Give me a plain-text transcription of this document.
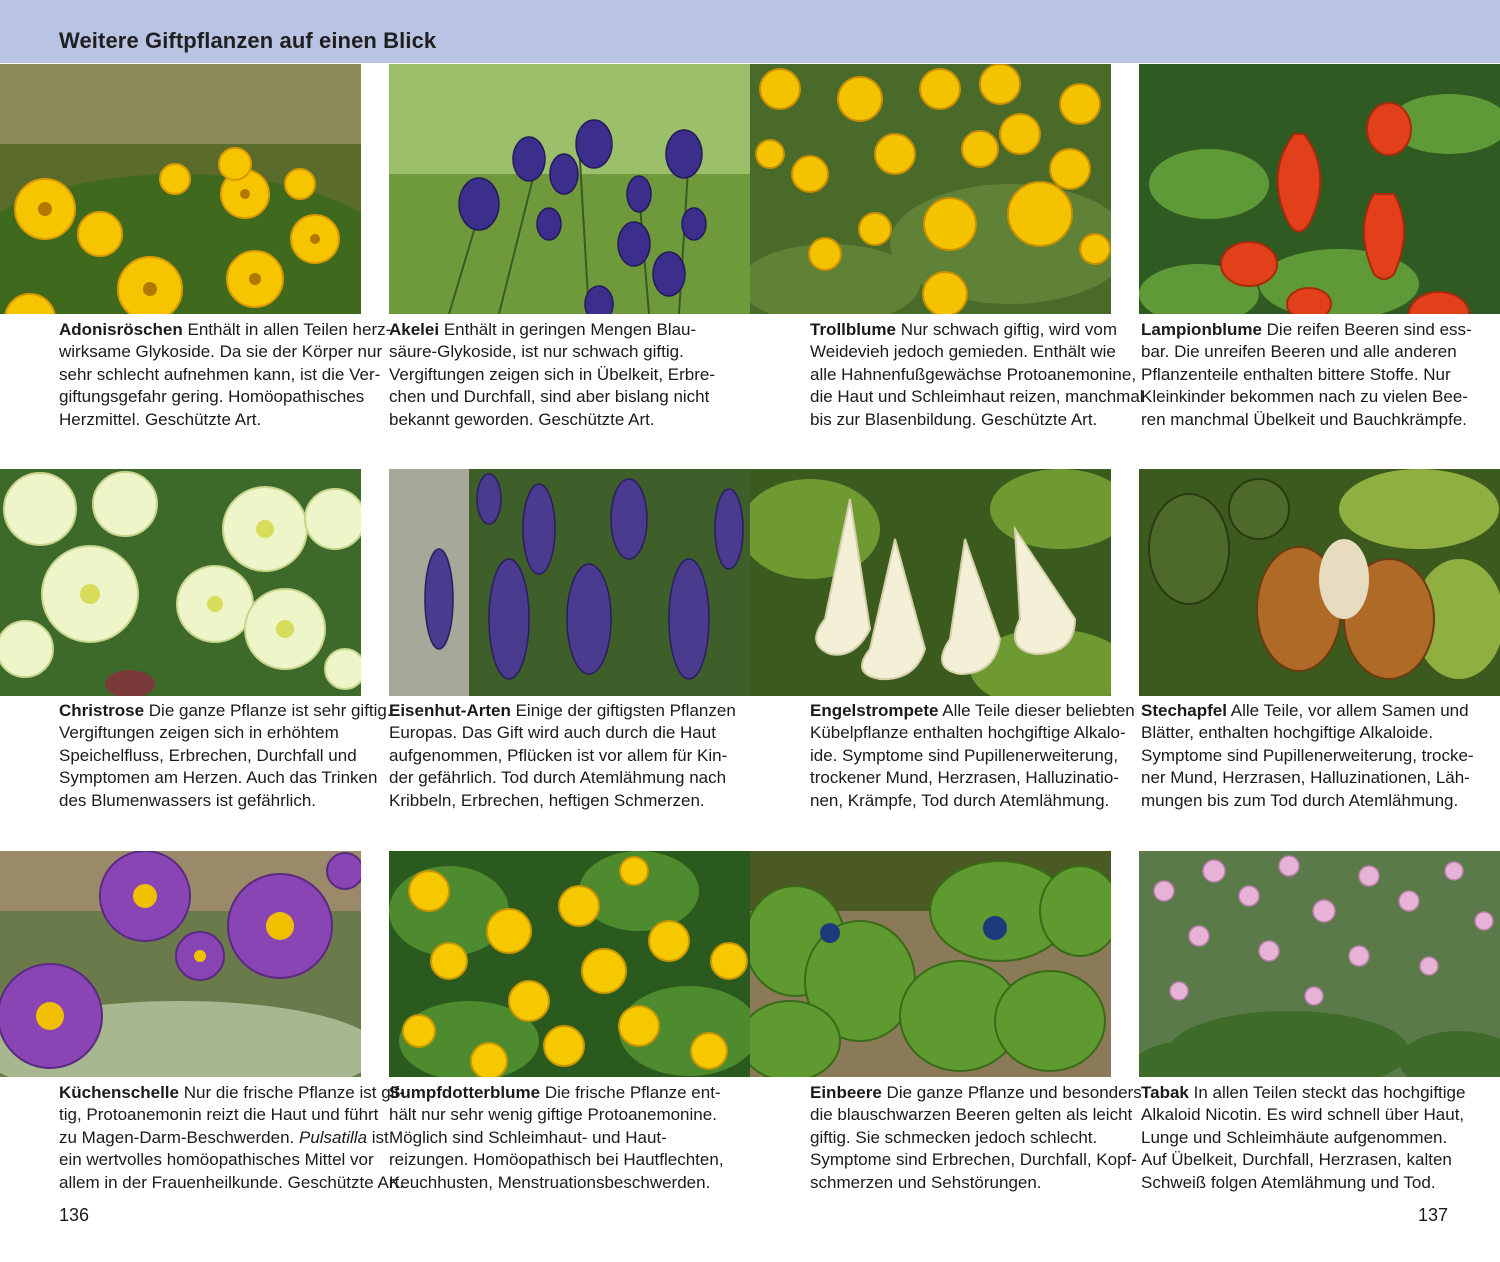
Weitere Giftpflanzen auf einen Blick
Adonisröschen Enthält in allen Teilen herz-
wirksame Glykoside. Da sie der Körper nur
sehr schlecht aufnehmen kann, ist die Ver-
giftungsgefahr gering. Homöopathisches
Herzmittel. Geschützte Art.
Akelei Enthält in geringen Mengen Blau-
säure-Glykoside, ist nur schwach giftig.
Vergiftungen zeigen sich in Übelkeit, Erbre-
chen und Durchfall, sind aber bislang nicht
bekannt geworden. Geschützte Art.
Trollblume Nur schwach giftig, wird vom
Weidevieh jedoch gemieden. Enthält wie
alle Hahnenfußgewächse Protoanemonine,
die Haut und Schleimhaut reizen, manchmal
bis zur Blasenbildung. Geschützte Art.
Lampionblume Die reifen Beeren sind ess-
bar. Die unreifen Beeren und alle anderen
Pflanzenteile enthalten bittere Stoffe. Nur
Kleinkinder bekommen nach zu vielen Bee-
ren manchmal Übelkeit und Bauchkrämpfe.
Christrose Die ganze Pflanze ist sehr giftig.
Vergiftungen zeigen sich in erhöhtem
Speichelfluss, Erbrechen, Durchfall und
Symptomen am Herzen. Auch das Trinken
des Blumenwassers ist gefährlich.
Eisenhut-Arten Einige der giftigsten Pflanzen
Europas. Das Gift wird auch durch die Haut
aufgenommen, Pflücken ist vor allem für Kin-
der gefährlich. Tod durch Atemlähmung nach
Kribbeln, Erbrechen, heftigen Schmerzen.
Engelstrompete Alle Teile dieser beliebten
Kübelpflanze enthalten hochgiftige Alkalo-
ide. Symptome sind Pupillenerweiterung,
trockener Mund, Herzrasen, Halluzinatio-
nen, Krämpfe, Tod durch Atemlähmung.
Stechapfel Alle Teile, vor allem Samen und
Blätter, enthalten hochgiftige Alkaloide.
Symptome sind Pupillenerweiterung, trocke-
ner Mund, Herzrasen, Halluzinationen, Läh-
mungen bis zum Tod durch Atemlähmung.
Küchenschelle Nur die frische Pflanze ist gif-
tig, Protoanemonin reizt die Haut und führt
zu Magen-Darm-Beschwerden. Pulsatilla ist
ein wertvolles homöopathisches Mittel vor
allem in der Frauenheilkunde. Geschützte Art.
Sumpfdotterblume Die frische Pflanze ent-
hält nur sehr wenig giftige Protoanemonine.
Möglich sind Schleimhaut- und Haut-
reizungen. Homöopathisch bei Hautflechten,
Keuchhusten, Menstruationsbeschwerden.
Einbeere Die ganze Pflanze und besonders
die blauschwarzen Beeren gelten als leicht
giftig. Sie schmecken jedoch schlecht.
Symptome sind Erbrechen, Durchfall, Kopf-
schmerzen und Sehstörungen.
Tabak In allen Teilen steckt das hochgiftige
Alkaloid Nicotin. Es wird schnell über Haut,
Lunge und Schleimhäute aufgenommen.
Auf Übelkeit, Durchfall, Herzrasen, kalten
Schweiß folgen Atemlähmung und Tod.
136	137
